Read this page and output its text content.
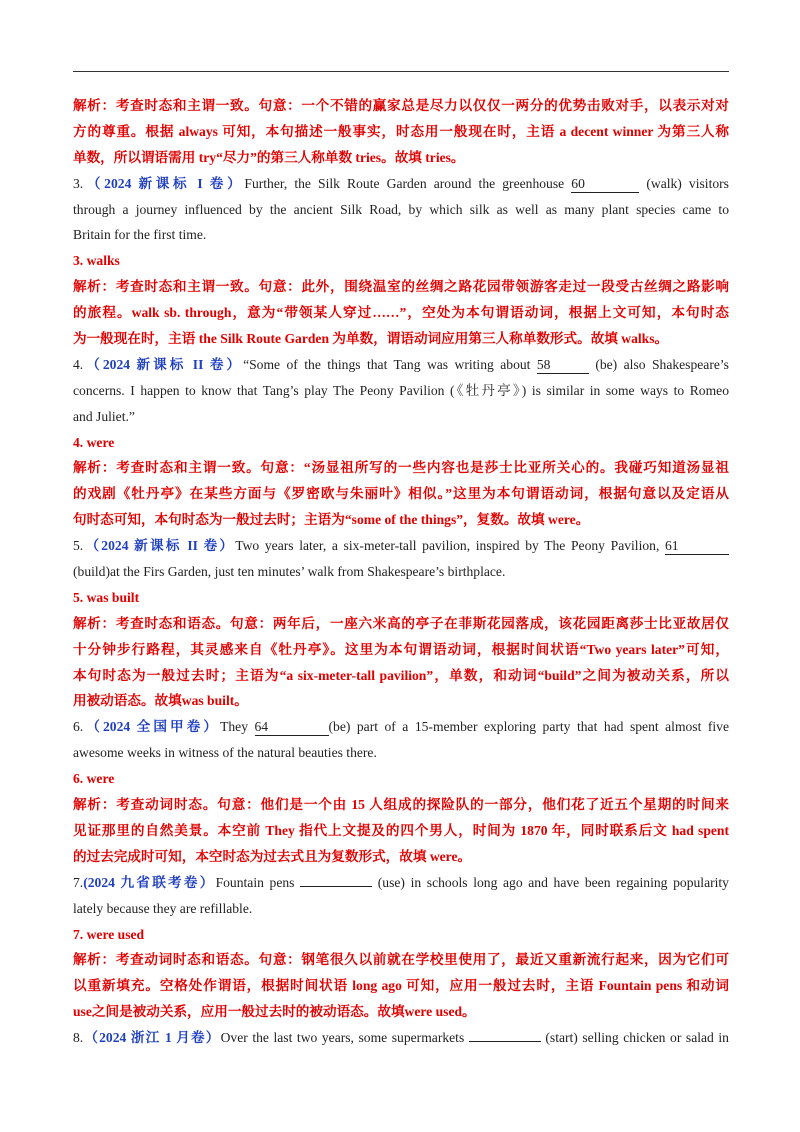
解析：考查时态和主谓一致。句意：一个不错的赢家总是尽力以仅仅一两分的优势击败对手，以表示对对
方的尊重。根据 always 可知，本句描述一般事实，时态用一般现在时，主语 a decent winner 为第三人称
单数，所以谓语需用 try“尽力”的第三人称单数 tries。故填 tries。
3.（2024 新课标 I 卷）Further, the Silk Route Garden around the greenhouse 60	(walk) visitors
through a journey influenced by the ancient Silk Road, by which silk as well as many plant species came to
Britain for the first time.
3. walks
解析：考查时态和主谓一致。句意：此外，围绕温室的丝绸之路花园带领游客走过一段受古丝绸之路影响
的旅程。walk sb. through，意为“带领某人穿过……”，空处为本句谓语动词，根据上文可知，本句时态
为一般现在时，主语 the Silk Route Garden 为单数，谓语动词应用第三人称单数形式。故填 walks。
4.（2024 新课标 II 卷）“Some of the things that Tang was writing about 58	(be) also Shakespeare’s
concerns. I happen to know that Tang’s play The Peony Pavilion (《牡丹亭》) is similar in some ways to Romeo
and Juliet.”
4. were
解析：考查时态和主谓一致。句意：“汤显祖所写的一些内容也是莎士比亚所关心的。我碰巧知道汤显祖
的戏剧《牡丹亭》在某些方面与《罗密欧与朱丽叶》相似。”这里为本句谓语动词，根据句意以及定语从
句时态可知，本句时态为一般过去时；主语为“some of the things”，复数。故填 were。
5.（2024 新课标 II 卷）Two years later, a six-meter-tall pavilion, inspired by The Peony Pavilion, 61
(build)at the Firs Garden, just ten minutes’ walk from Shakespeare’s birthplace.
5. was built
解析：考查时态和语态。句意：两年后，一座六米高的亭子在菲斯花园落成，该花园距离莎士比亚故居仅
十分钟步行路程，其灵感来自《牡丹亭》。这里为本句谓语动词，根据时间状语“Two years later”可知，
本句时态为一般过去时；主语为“a six-meter-tall pavilion”，单数，和动词“build”之间为被动关系，所以
用被动语态。故填was built。
6.（2024 全国甲卷）They 64	(be) part of a 15-member exploring party that had spent almost five
awesome weeks in witness of the natural beauties there.
6. were
解析：考查动词时态。句意：他们是一个由 15 人组成的探险队的一部分，他们花了近五个星期的时间来
见证那里的自然美景。本空前 They 指代上文提及的四个男人，时间为 1870 年，同时联系后文 had spent
的过去完成时可知，本空时态为过去式且为复数形式，故填 were。
7.(2024 九省联考卷）Fountain pens	(use) in schools long ago and have been regaining popularity
lately because they are refillable.
7. were used
解析：考查动词时态和语态。句意：钢笔很久以前就在学校里使用了，最近又重新流行起来，因为它们可
以重新填充。空格处作谓语，根据时间状语 long ago 可知，应用一般过去时，主语 Fountain pens 和动词
use之间是被动关系，应用一般过去时的被动语态。故填were used。
8.（2024 浙江 1 月卷）Over the last two years, some supermarkets	(start) selling chicken or salad in
